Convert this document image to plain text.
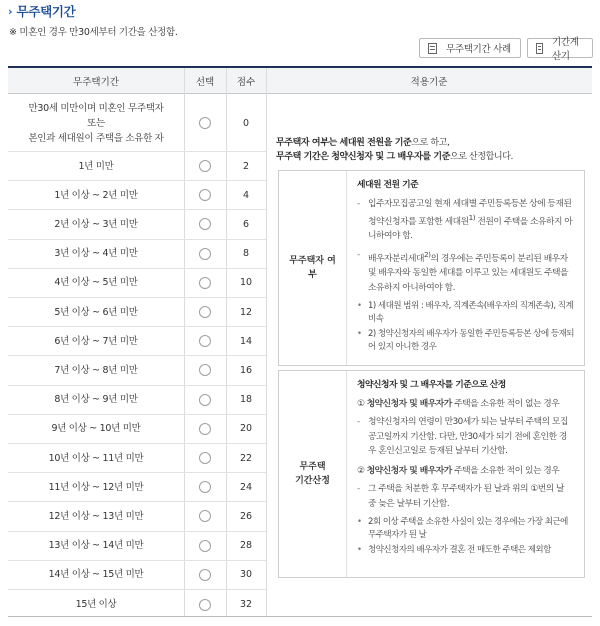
› 무주택기간
※ 미혼인 경우 만30세부터 기간을 산정함.
무주택기간 사례
기간계산기
무주택기간	선택	점수	적용기준
만30세 미만이며 미혼인 무주택자
또는
본인과 세대원이 주택을 소유한 자
0
1년 미만	2
1년 이상 ~ 2년 미만	4
2년 이상 ~ 3년 미만	6
3년 이상 ~ 4년 미만	8
4년 이상 ~ 5년 미만	10
5년 이상 ~ 6년 미만	12
6년 이상 ~ 7년 미만	14
7년 이상 ~ 8년 미만	16
8년 이상 ~ 9년 미만	18
9년 이상 ~ 10년 미만	20
10년 이상 ~ 11년 미만	22
11년 이상 ~ 12년 미만	24
12년 이상 ~ 13년 미만	26
13년 이상 ~ 14년 미만	28
14년 이상 ~ 15년 미만	30
15년 이상	32
무주택자 여부는 세대원 전원을 기준으로 하고,
무주택 기간은 청약신청자 및 그 배우자를 기준으로 산정합니다.
무주택자 여
부
세대원 전원 기준
- 입주자모집공고일 현재 세대별 주민등록등본 상에 등재된
청약신청자를 포함한 세대원$^{1)}$ 전원이 주택을 소유하지 아
니하여야 함.
- 배우자분리세대$^{2)}$의 경우에는 주민등록이 분리된 배우자
및 배우자와 동일한 세대를 이루고 있는 세대원도 주택을
소유하지 아니하여야 함.
• 1) 세대원 범위 : 배우자, 직계존속(배우자의 직계존속), 직계비속
• 2) 청약신청자의 배우자가 동일한 주민등록등본 상에 등재되어 있지 아니한 경우
무주택
기간산정
청약신청자 및 그 배우자를 기준으로 산정
① 청약신청자 및 배우자가 주택을 소유한 적이 없는 경우
- 청약신청자의 연령이 만30세가 되는 날부터 주택의 모집
공고일까지 기산함. 다만, 만30세가 되기 전에 혼인한 경
우 혼인신고일로 등재된 날부터 기산함.
② 청약신청자 및 배우자가 주택을 소유한 적이 있는 경우
- 그 주택을 처분한 후 무주택자가 된 날과 위의 ①번의 날
중 늦은 날부터 기산함.
• 2회 이상 주택을 소유한 사실이 있는 경우에는 가장 최근에 무주택자가 된 날
• 청약신청자의 배우자가 결혼 전 매도한 주택은 제외함
